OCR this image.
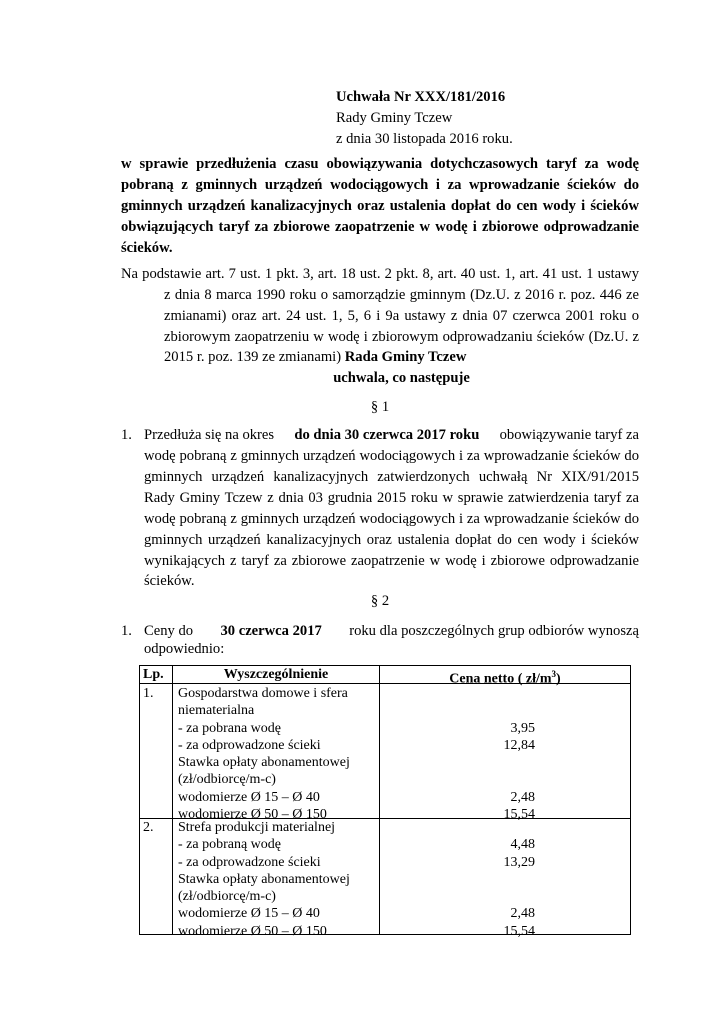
Uchwała Nr XXX/181/2016
Rady Gminy Tczew
z dnia 30 listopada 2016 roku.
w sprawie przedłużenia czasu obowiązywania dotychczasowych taryf za wodę
pobraną z gminnych urządzeń wodociągowych i za wprowadzanie ścieków do
gminnych urządzeń kanalizacyjnych oraz ustalenia dopłat do cen wody i ścieków
obwiązujących taryf za zbiorowe zaopatrzenie w wodę i zbiorowe odprowadzanie
ścieków.
Na podstawie art. 7 ust. 1 pkt. 3, art. 18 ust. 2 pkt. 8, art. 40 ust. 1, art. 41 ust. 1 ustawy
z dnia 8 marca 1990 roku o samorządzie gminnym (Dz.U. z 2016 r. poz. 446 ze
zmianami) oraz art. 24 ust. 1, 5, 6 i 9a ustawy z dnia 07 czerwca 2001 roku o
zbiorowym zaopatrzeniu w wodę i zbiorowym odprowadzaniu ścieków (Dz.U. z
2015 r. poz. 139 ze zmianami) Rada Gminy Tczew
uchwala, co następuje
§ 1
1. Przedłuża się na okres do dnia 30 czerwca 2017 roku obowiązywanie taryf za
wodę pobraną z gminnych urządzeń wodociągowych i za wprowadzanie ścieków do
gminnych urządzeń kanalizacyjnych zatwierdzonych uchwałą Nr XIX/91/2015
Rady Gminy Tczew z dnia 03 grudnia 2015 roku w sprawie zatwierdzenia taryf za
wodę pobraną z gminnych urządzeń wodociągowych i za wprowadzanie ścieków do
gminnych urządzeń kanalizacyjnych oraz ustalenia dopłat do cen wody i ścieków
wynikających z taryf za zbiorowe zaopatrzenie w wodę i zbiorowe odprowadzanie
ścieków.
§ 2
1. Ceny do 30 czerwca 2017 roku dla poszczególnych grup odbiorów wynoszą
odpowiednio:
Lp.	Wyszczególnienie	Cena netto ( $zł/m^3$)
1. Gospodarstwa domowe i sfera
niematerialna
- za pobrana wodę
- za odprowadzone ścieki
Stawka opłaty abonamentowej
(zł/odbiorcę/m-c)
wodomierze Ø 15 – Ø 40
wodomierze Ø 50 – Ø 150
3,95
12,84
2,48
15,54
2. Strefa produkcji materialnej
- za pobraną wodę
- za odprowadzone ścieki
Stawka opłaty abonamentowej
(zł/odbiorcę/m-c)
wodomierze Ø 15 – Ø 40
wodomierze Ø 50 – Ø 150
4,48
13,29
2,48
15,54
